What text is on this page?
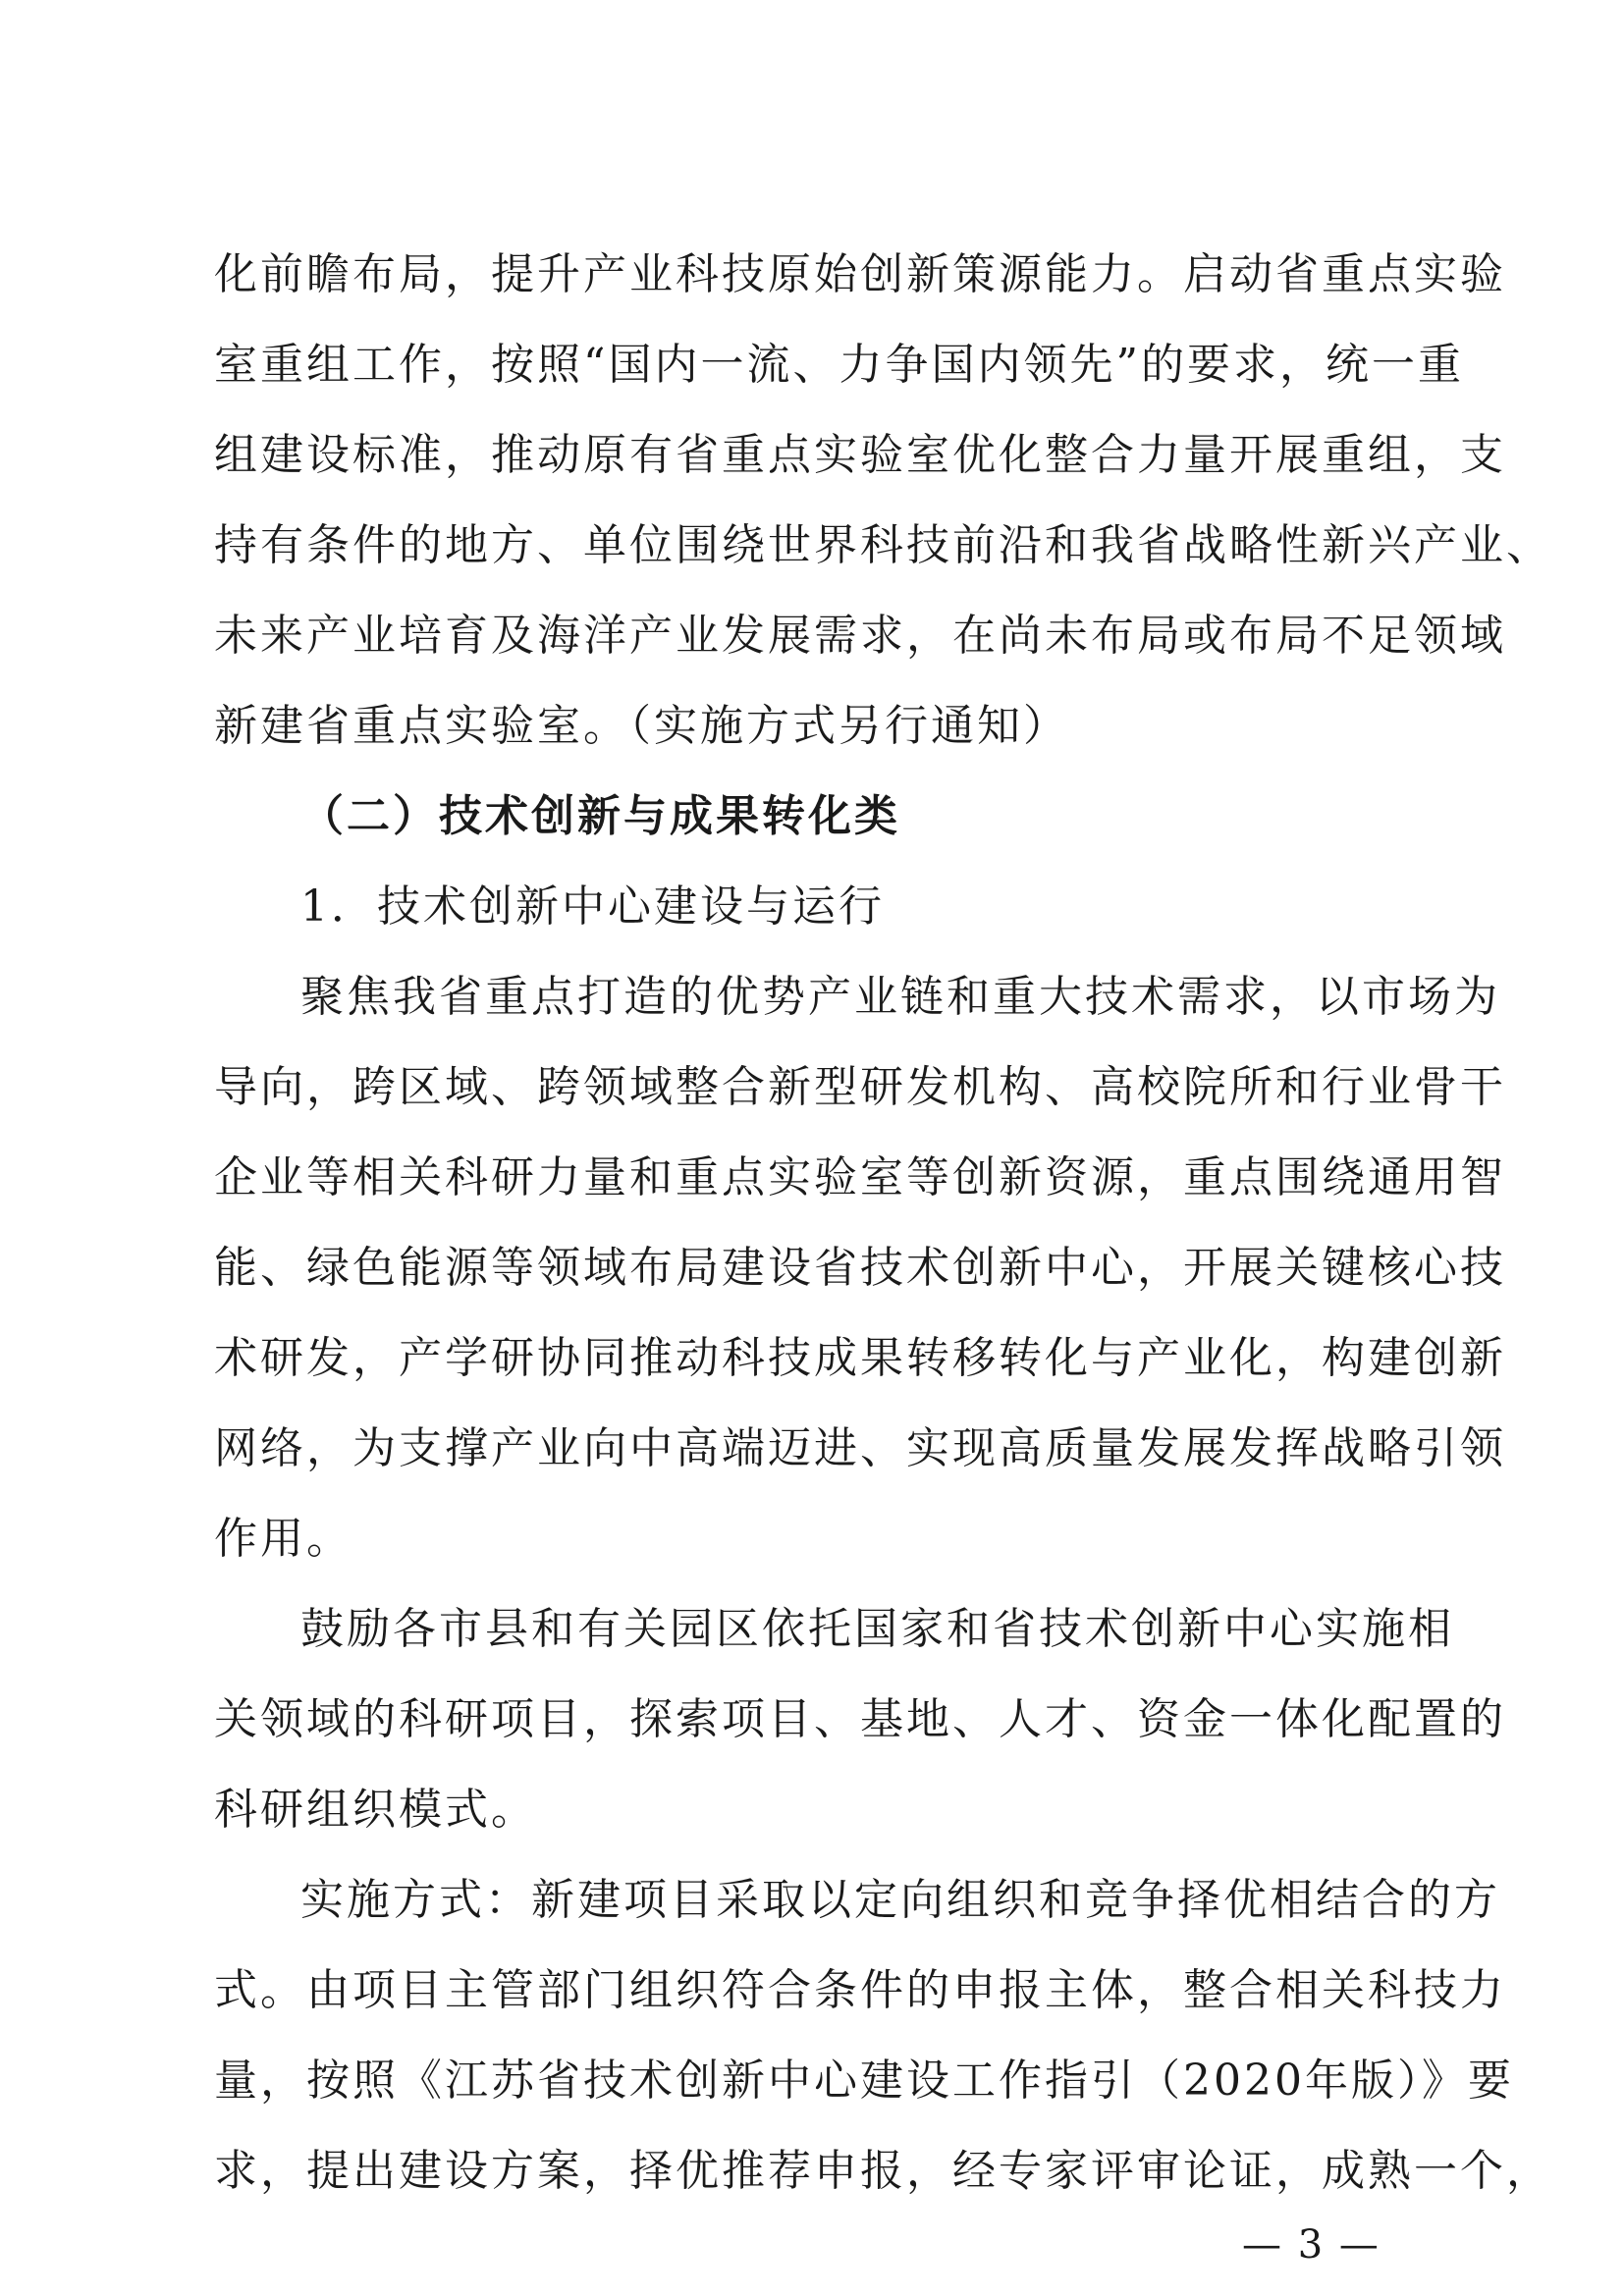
化前瞻布局，提升产业科技原始创新策源能力。启动省重点实验
室重组工作，按照“国内一流、力争国内领先”的要求，统一重
组建设标准，推动原有省重点实验室优化整合力量开展重组，支
持有条件的地方、单位围绕世界科技前沿和我省战略性新兴产业、
未来产业培育及海洋产业发展需求，在尚未布局或布局不足领域
新建省重点实验室。（实施方式另行通知）
（二）技术创新与成果转化类
1．技术创新中心建设与运行
聚焦我省重点打造的优势产业链和重大技术需求，以市场为
导向，跨区域、跨领域整合新型研发机构、高校院所和行业骨干
企业等相关科研力量和重点实验室等创新资源，重点围绕通用智
能、绿色能源等领域布局建设省技术创新中心，开展关键核心技
术研发，产学研协同推动科技成果转移转化与产业化，构建创新
网络，为支撑产业向中高端迈进、实现高质量发展发挥战略引领
作用。
鼓励各市县和有关园区依托国家和省技术创新中心实施相
关领域的科研项目，探索项目、基地、人才、资金一体化配置的
科研组织模式。
实施方式：新建项目采取以定向组织和竞争择优相结合的方
式。由项目主管部门组织符合条件的申报主体，整合相关科技力
量，按照《江苏省技术创新中心建设工作指引（2020年版）》要
求，提出建设方案，择优推荐申报，经专家评审论证，成熟一个，
— 3 —
